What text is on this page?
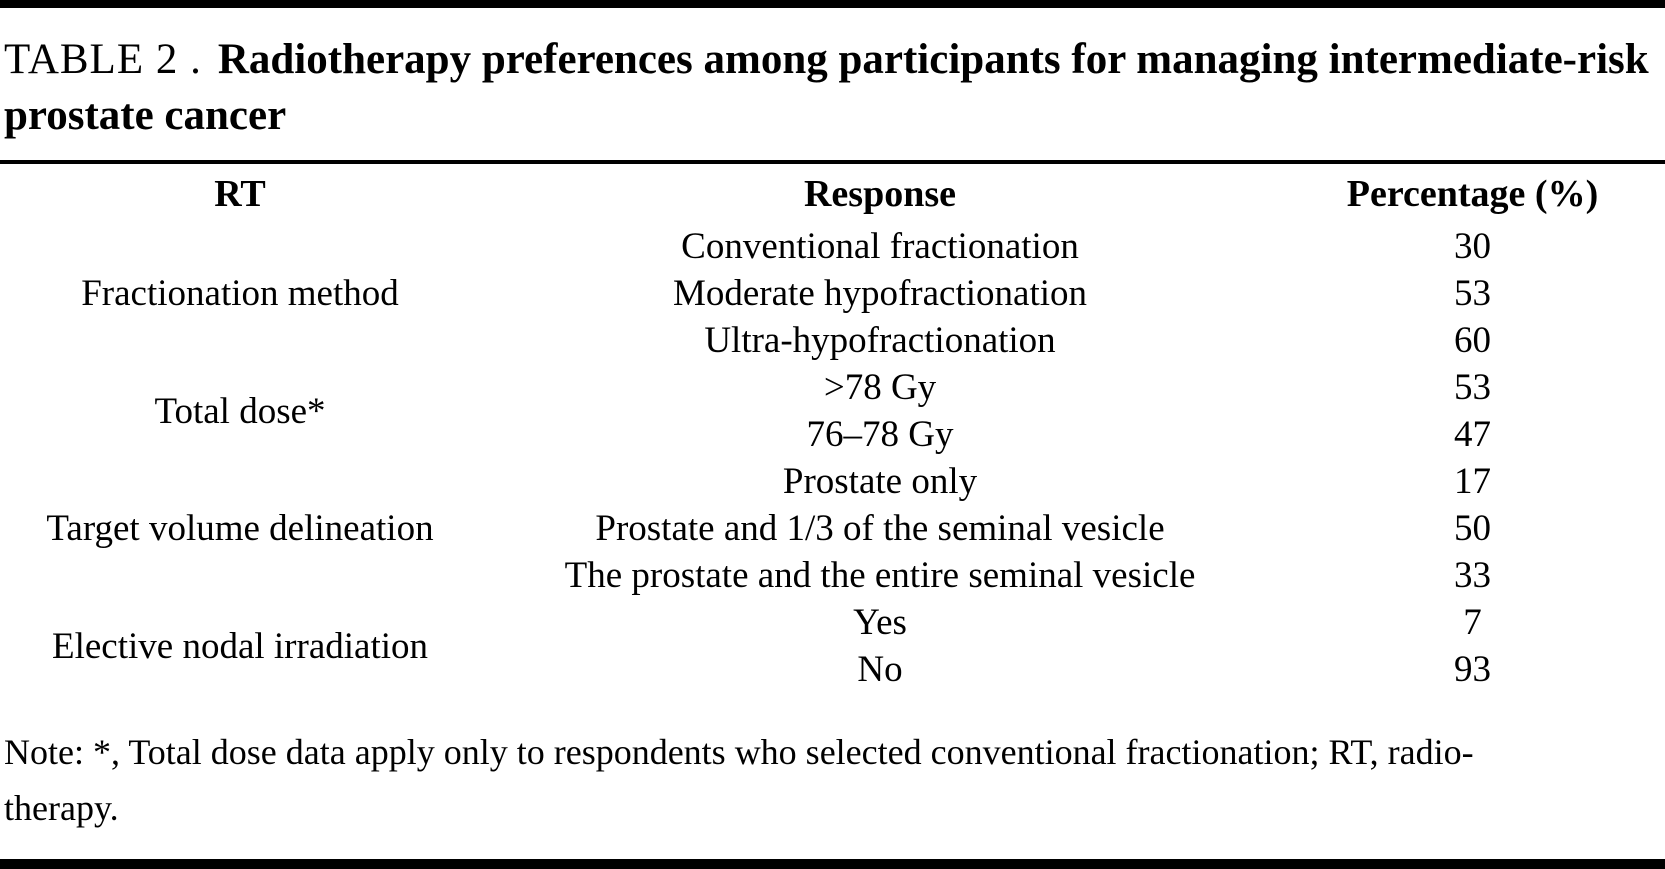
TABLE 2 . Radiotherapy preferences among participants for managing intermediate-risk prostate cancer
RT	Response	Percentage (%)
Fractionation method	Conventional fractionation	30
	Moderate hypofractionation	53
	Ultra-hypofractionation	60
Total dose*	>78 Gy	53
	76–78 Gy	47
Target volume delineation	Prostate only	17
	Prostate and 1/3 of the seminal vesicle	50
	The prostate and the entire seminal vesicle	33
Elective nodal irradiation	Yes	7
	No	93
Note: *, Total dose data apply only to respondents who selected conventional fractionation; RT, radio-
therapy.
